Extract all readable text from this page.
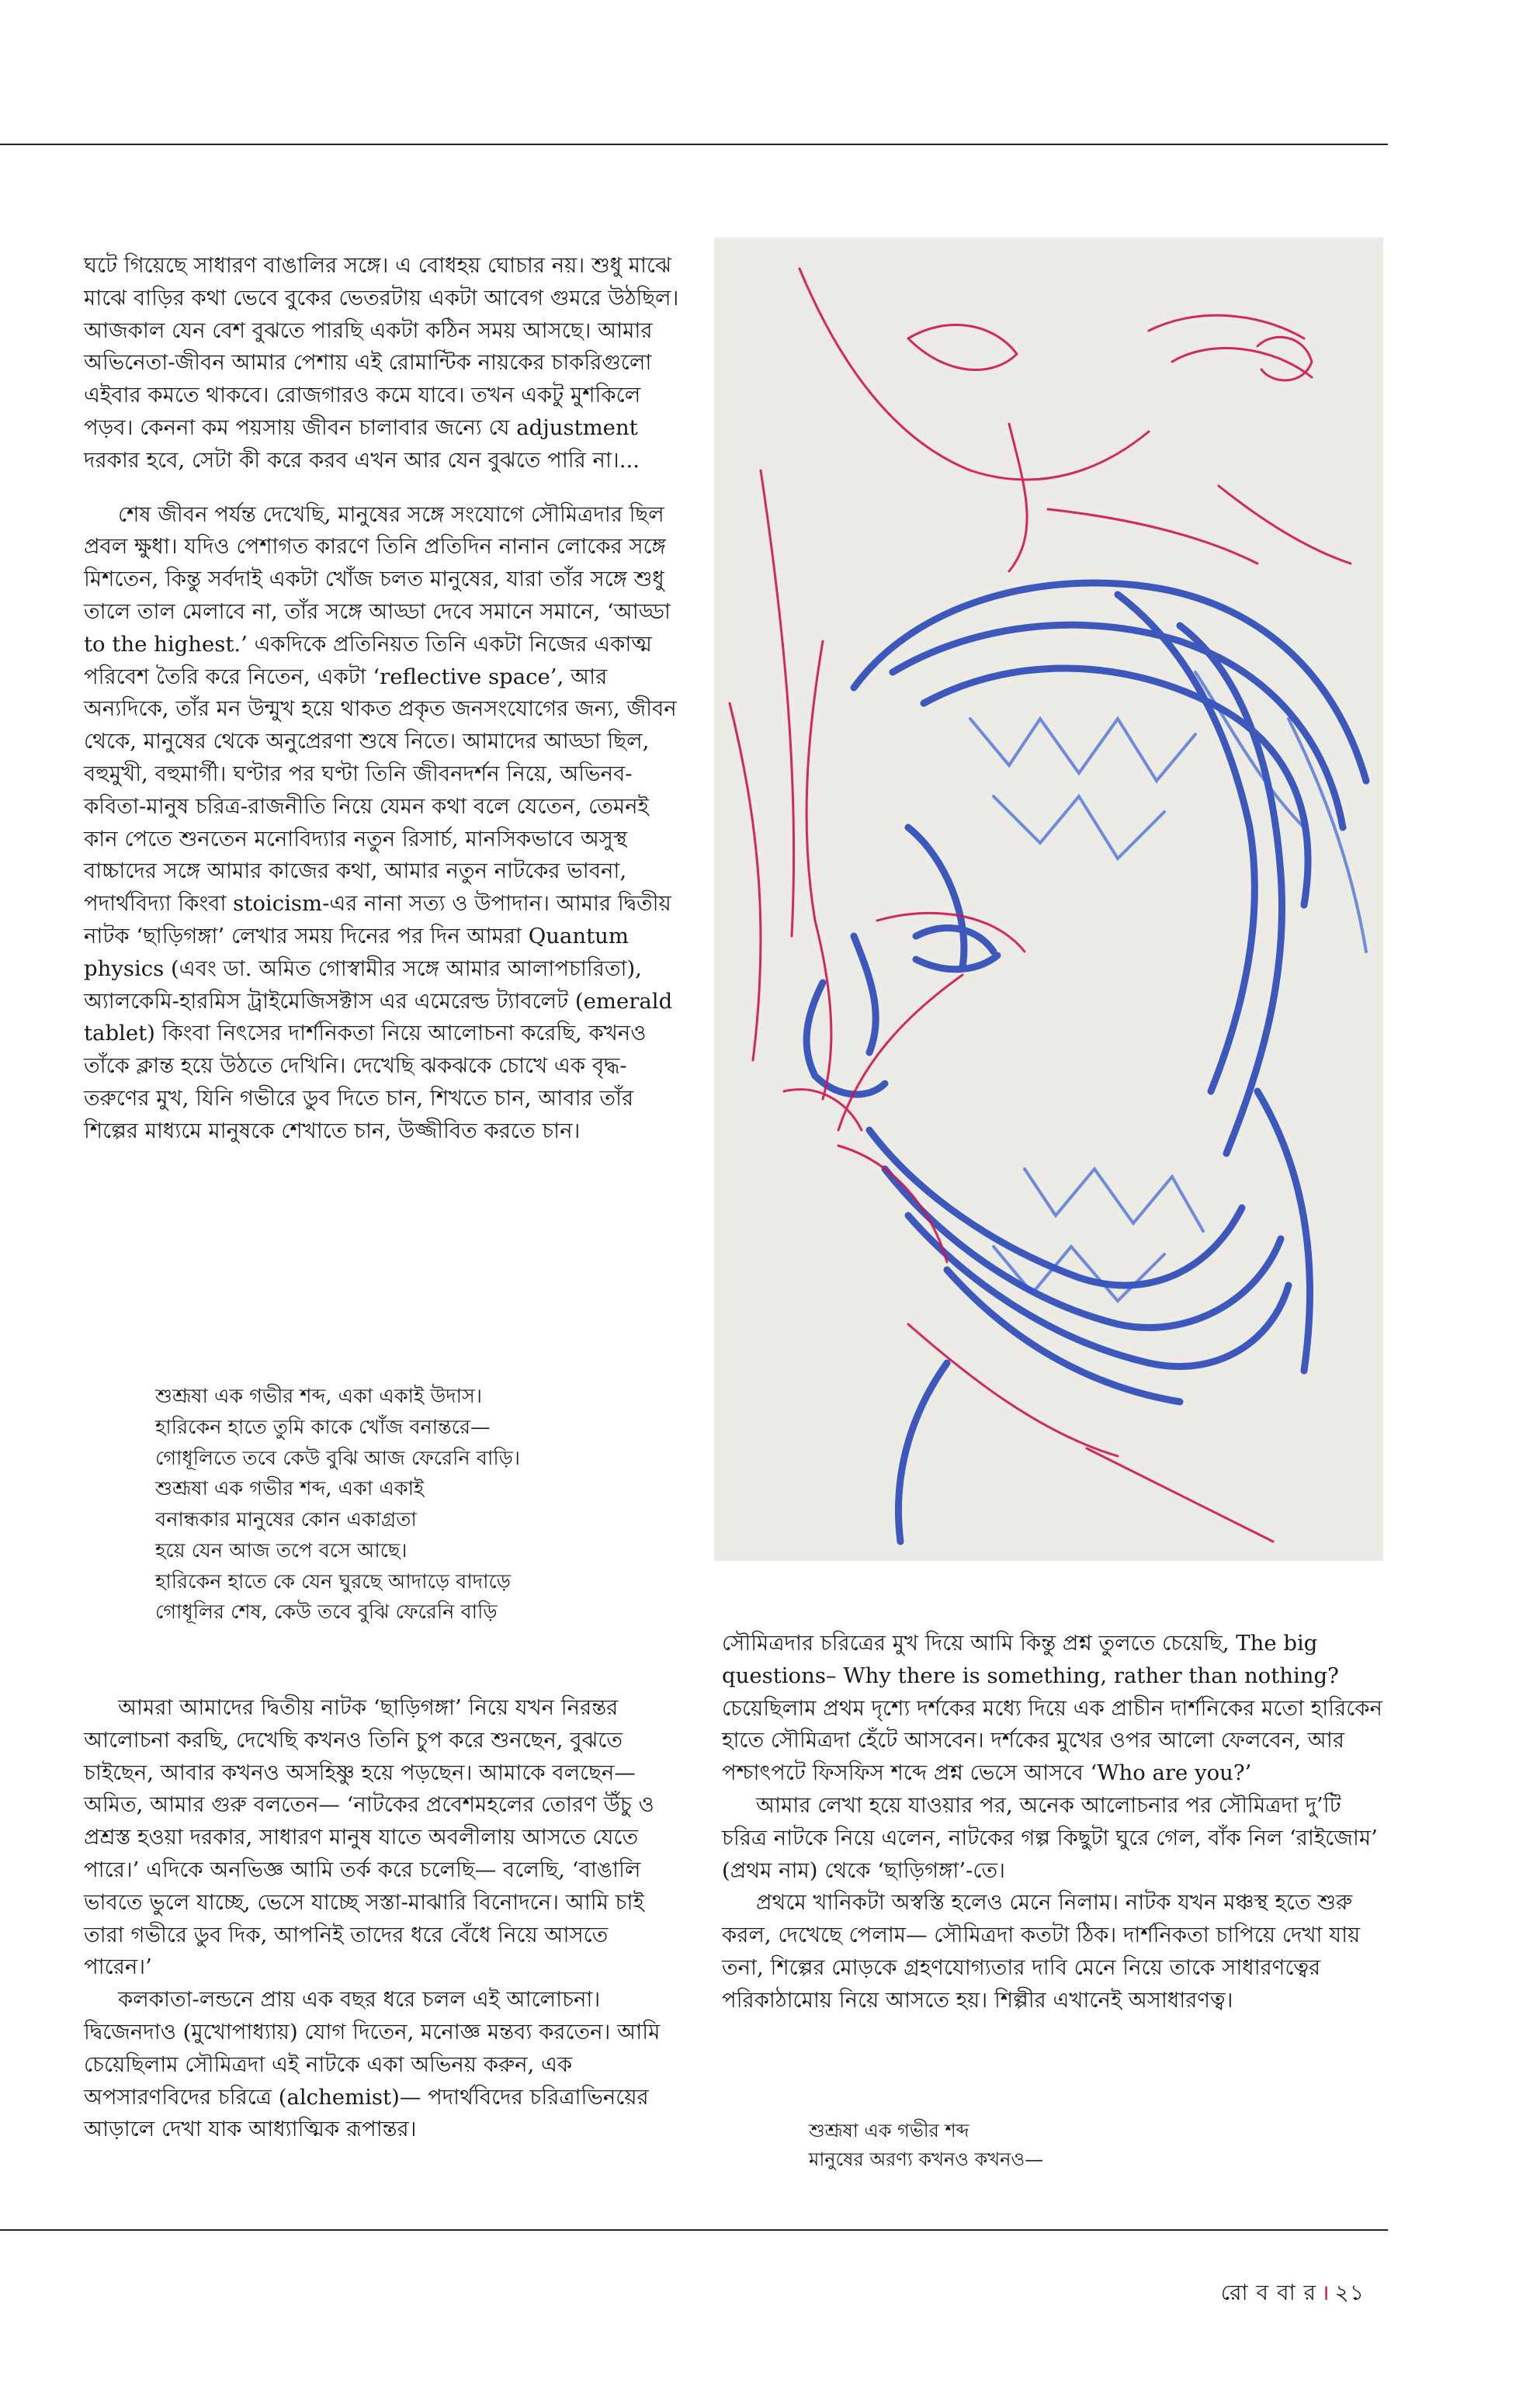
ঘটে গিয়েছে সাধারণ বাঙালির সঙ্গে। এ বোধহয় ঘোচার নয়। শুধু মাঝে মাঝে বাড়ির কথা ভেবে বুকের ভেতরটায় একটা আবেগ গুমরে উঠছিল। আজকাল যেন বেশ বুঝতে পারছি একটা কঠিন সময় আসছে। আমার অভিনেতা-জীবন আমার পেশায় এই রোমান্টিক নায়কের চাকরিগুলো এইবার কমতে থাকবে। রোজগারও কমে যাবে। তখন একটু মুশকিলে পড়ব। কেননা কম পয়সায় জীবন চালাবার জন্যে যে adjustment দরকার হবে, সেটা কী করে করব এখন আর যেন বুঝতে পারি না।...

শেষ জীবন পর্যন্ত দেখেছি, মানুষের সঙ্গে সংযোগে সৌমিত্রদার ছিল প্রবল ক্ষুধা। যদিও পেশাগত কারণে তিনি প্রতিদিন নানান লোকের সঙ্গে মিশতেন, কিন্তু সর্বদাই একটা খোঁজ চলত মানুষের, যারা তাঁর সঙ্গে শুধু তালে তাল মেলাবে না, তাঁর সঙ্গে আড্ডা দেবে সমানে সমানে, ‘আড্ডা to the highest.’ একদিকে প্রতিনিয়ত তিনি একটা নিজের একাত্ম পরিবেশ তৈরি করে নিতেন, একটা ‘reflective space’, আর অন্যদিকে, তাঁর মন উন্মুখ হয়ে থাকত প্রকৃত জনসংযোগের জন্য, জীবন থেকে, মানুষের থেকে অনুপ্রেরণা শুষে নিতে। আমাদের আড্ডা ছিল, বহুমুখী, বহুমার্গী। ঘণ্টার পর ঘণ্টা তিনি জীবনদর্শন নিয়ে, অভিনব-কবিতা-মানুষ চরিত্র-রাজনীতি নিয়ে যেমন কথা বলে যেতেন, তেমনই কান পেতে শুনতেন মনোবিদ্যার নতুন রিসার্চ, মানসিকভাবে অসুস্থ বাচ্চাদের সঙ্গে আমার কাজের কথা, আমার নতুন নাটকের ভাবনা, পদার্থবিদ্যা কিংবা stoicism-এর নানা সত্য ও উপাদান। আমার দ্বিতীয় নাটক ‘ছাড়িগঙ্গা’ লেখার সময় দিনের পর দিন আমরা Quantum physics (এবং ডা. অমিত গোস্বামীর সঙ্গে আমার আলাপচারিতা), অ্যালকেমি-হারমিস ট্রাইমেজিসক্টাস এর এমেরেল্ড ট্যাবলেট (emerald tablet) কিংবা নিৎসের দার্শনিকতা নিয়ে আলোচনা করেছি, কখনও তাঁকে ক্লান্ত হয়ে উঠতে দেখিনি। দেখেছি ঝকঝকে চোখে এক বৃদ্ধ-তরুণের মুখ, যিনি গভীরে ডুব দিতে চান, শিখতে চান, আবার তাঁর শিল্পের মাধ্যমে মানুষকে শেখাতে চান, উজ্জীবিত করতে চান।

শুশ্রূষা এক গভীর শব্দ, একা একাই উদাস।

হারিকেন হাতে তুমি কাকে খোঁজ বনান্তরে—

গোধূলিতে তবে কেউ বুঝি আজ ফেরেনি বাড়ি।

শুশ্রূষা এক গভীর শব্দ, একা একাই

বনান্ধকার মানুষের কোন একাগ্রতা

হয়ে যেন আজ তপে বসে আছে।

হারিকেন হাতে কে যেন ঘুরছে আদাড়ে বাদাড়ে

গোধূলির শেষ, কেউ তবে বুঝি ফেরেনি বাড়ি

আমরা আমাদের দ্বিতীয় নাটক ‘ছাড়িগঙ্গা’ নিয়ে যখন নিরন্তর আলোচনা করছি, দেখেছি কখনও তিনি চুপ করে শুনছেন, বুঝতে চাইছেন, আবার কখনও অসহিষ্ণু হয়ে পড়ছেন। আমাকে বলছেন— অমিত, আমার গুরু বলতেন— ‘নাটকের প্রবেশমহলের তোরণ উঁচু ও প্রশ্রস্ত হওয়া দরকার, সাধারণ মানুষ যাতে অবলীলায় আসতে যেতে পারে।’ এদিকে অনভিজ্ঞ আমি তর্ক করে চলেছি— বলেছি, ‘বাঙালি ভাবতে ভুলে যাচ্ছে, ভেসে যাচ্ছে সস্তা-মাঝারি বিনোদনে। আমি চাই তারা গভীরে ডুব দিক, আপনিই তাদের ধরে বেঁধে নিয়ে আসতে পারেন।’

কলকাতা-লন্ডনে প্রায় এক বছর ধরে চলল এই আলোচনা। দ্বিজেনদাও (মুখোপাধ্যায়) যোগ দিতেন, মনোজ্ঞ মন্তব্য করতেন। আমি চেয়েছিলাম সৌমিত্রদা এই নাটকে একা অভিনয় করুন, এক অপসারণবিদের চরিত্রে (alchemist)— পদার্থবিদের চরিত্রাভিনয়ের আড়ালে দেখা যাক আধ্যাত্মিক রূপান্তর।

সৌমিত্রদার চরিত্রের মুখ দিয়ে আমি কিন্তু প্রশ্ন তুলতে চেয়েছি, The big questions– Why there is something, rather than nothing? চেয়েছিলাম প্রথম দৃশ্যে দর্শকের মধ্যে দিয়ে এক প্রাচীন দার্শনিকের মতো হারিকেন হাতে সৌমিত্রদা হেঁটে আসবেন। দর্শকের মুখের ওপর আলো ফেলবেন, আর পশ্চাৎপটে ফিসফিস শব্দে প্রশ্ন ভেসে আসবে ‘Who are you?’

আমার লেখা হয়ে যাওয়ার পর, অনেক আলোচনার পর সৌমিত্রদা দু’টি চরিত্র নাটকে নিয়ে এলেন, নাটকের গল্প কিছুটা ঘুরে গেল, বাঁক নিল ‘রাইজোম’ (প্রথম নাম) থেকে ‘ছাড়িগঙ্গা’-তে।

প্রথমে খানিকটা অস্বস্তি হলেও মেনে নিলাম। নাটক যখন মঞ্চস্থ হতে শুরু করল, দেখেছে পেলাম— সৌমিত্রদা কতটা ঠিক। দার্শনিকতা চাপিয়ে দেখা যায় তনা, শিল্পের মোড়কে গ্রহণযোগ্যতার দাবি মেনে নিয়ে তাকে সাধারণত্বের পরিকাঠামোয় নিয়ে আসতে হয়। শিল্পীর এখানেই অসাধারণত্ব।

শুশ্রূষা এক গভীর শব্দ

মানুষের অরণ্য কখনও কখনও—

রো ব বা র । ২১
